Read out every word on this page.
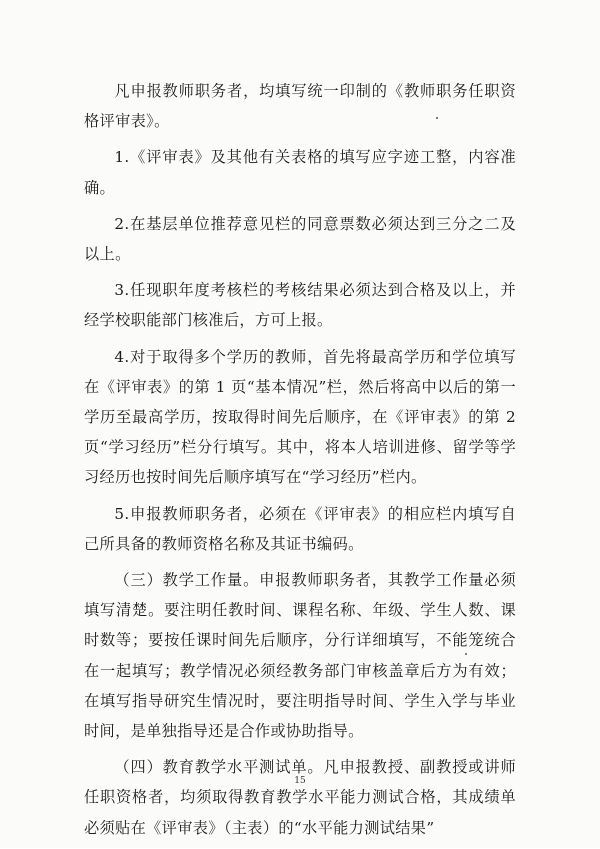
凡申报教师职务者，均填写统一印制的《教师职务任职资格评审表》。

1.《评审表》及其他有关表格的填写应字迹工整，内容准确。

2.在基层单位推荐意见栏的同意票数必须达到三分之二及以上。

3.任现职年度考核栏的考核结果必须达到合格及以上，并经学校职能部门核准后，方可上报。

4.对于取得多个学历的教师，首先将最高学历和学位填写在《评审表》的第 1 页“基本情况”栏，然后将高中以后的第一学历至最高学历，按取得时间先后顺序，在《评审表》的第 2 页“学习经历”栏分行填写。其中，将本人培训进修、留学等学习经历也按时间先后顺序填写在“学习经历”栏内。

5.申报教师职务者，必须在《评审表》的相应栏内填写自己所具备的教师资格名称及其证书编码。

（三）教学工作量。申报教师职务者，其教学工作量必须填写清楚。要注明任教时间、课程名称、年级、学生人数、课时数等；要按任课时间先后顺序，分行详细填写，不能笼统合在一起填写；教学情况必须经教务部门审核盖章后方为有效；在填写指导研究生情况时，要注明指导时间、学生入学与毕业时间，是单独指导还是合作或协助指导。

（四）教育教学水平测试单。凡申报教授、副教授或讲师任职资格者，均须取得教育教学水平能力测试合格，其成绩单必须贴在《评审表》（主表）的“水平能力测试结果”

15
